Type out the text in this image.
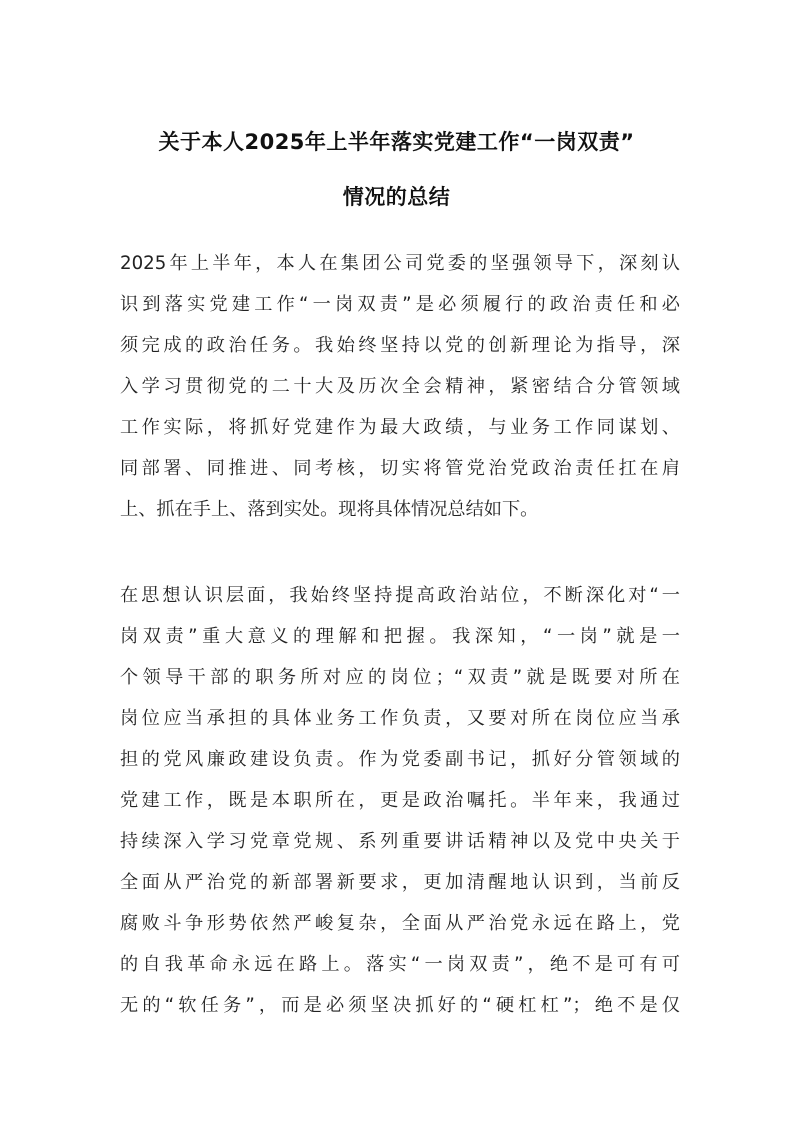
关于本人2025年上半年落实党建工作“一岗双责”
情况的总结
2025年上半年，本人在集团公司党委的坚强领导下，深刻认
识到落实党建工作“一岗双责”是必须履行的政治责任和必
须完成的政治任务。我始终坚持以党的创新理论为指导，深
入学习贯彻党的二十大及历次全会精神，紧密结合分管领域
工作实际，将抓好党建作为最大政绩，与业务工作同谋划、
同部署、同推进、同考核，切实将管党治党政治责任扛在肩
上、抓在手上、落到实处。现将具体情况总结如下。
在思想认识层面，我始终坚持提高政治站位，不断深化对“一
岗双责”重大意义的理解和把握。我深知，“一岗”就是一
个领导干部的职务所对应的岗位；“双责”就是既要对所在
岗位应当承担的具体业务工作负责，又要对所在岗位应当承
担的党风廉政建设负责。作为党委副书记，抓好分管领域的
党建工作，既是本职所在，更是政治嘱托。半年来，我通过
持续深入学习党章党规、系列重要讲话精神以及党中央关于
全面从严治党的新部署新要求，更加清醒地认识到，当前反
腐败斗争形势依然严峻复杂，全面从严治党永远在路上，党
的自我革命永远在路上。落实“一岗双责”，绝不是可有可
无的“软任务”，而是必须坚决抓好的“硬杠杠”；绝不是仅
